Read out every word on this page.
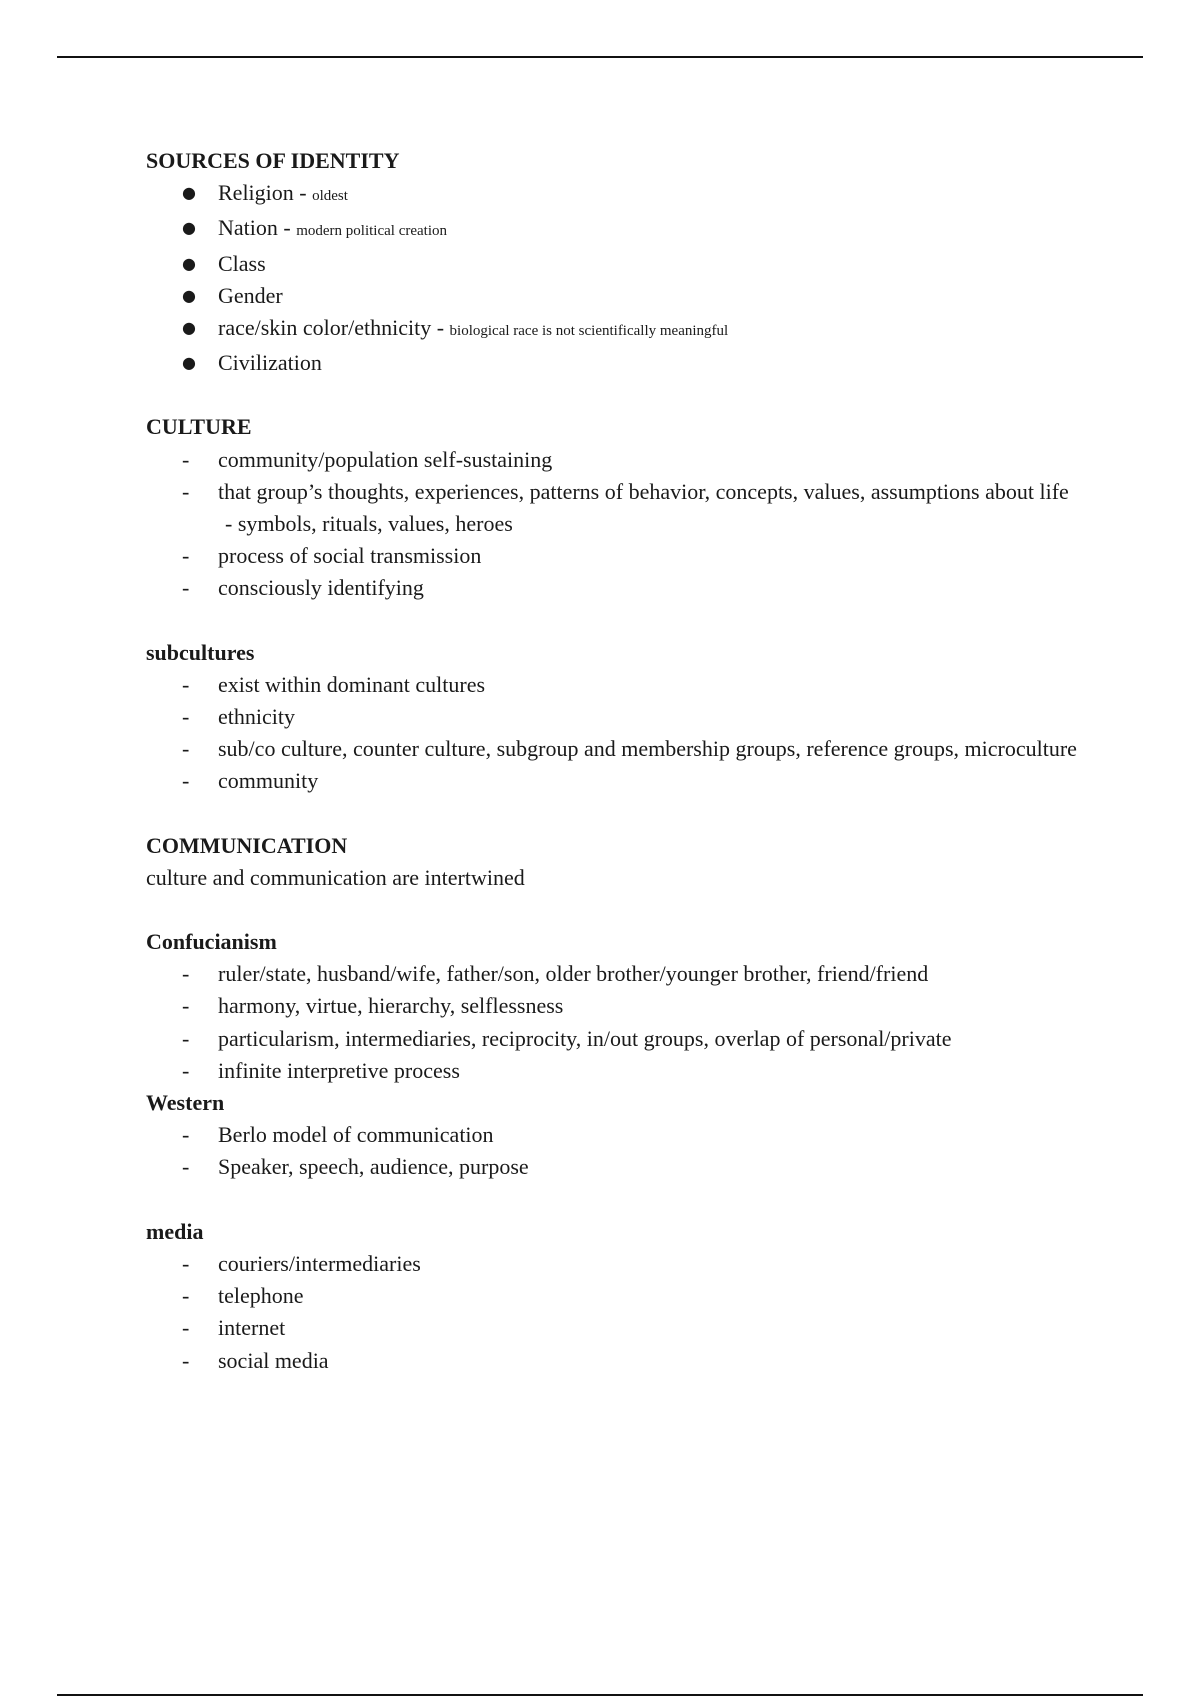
SOURCES OF IDENTITY

● Religion - oldest
● Nation - modern political creation
● Class
● Gender
● race/skin color/ethnicity - biological race is not scientifically meaningful
● Civilization

CULTURE

-	community/population self-sustaining
-	that group’s thoughts, experiences, patterns of behavior, concepts, values, assumptions about life
- symbols, rituals, values, heroes
-	process of social transmission
-	consciously identifying

subcultures

-	exist within dominant cultures
-	ethnicity
-	sub/co culture, counter culture, subgroup and membership groups, reference groups, microculture
-	community

COMMUNICATION

culture and communication are intertwined

Confucianism

-	ruler/state, husband/wife, father/son, older brother/younger brother, friend/friend
-	harmony, virtue, hierarchy, selflessness
-	particularism, intermediaries, reciprocity, in/out groups, overlap of personal/private
-	infinite interpretive process

Western

-	Berlo model of communication
-	Speaker, speech, audience, purpose

media

-	couriers/intermediaries
-	telephone
-	internet
-	social media
